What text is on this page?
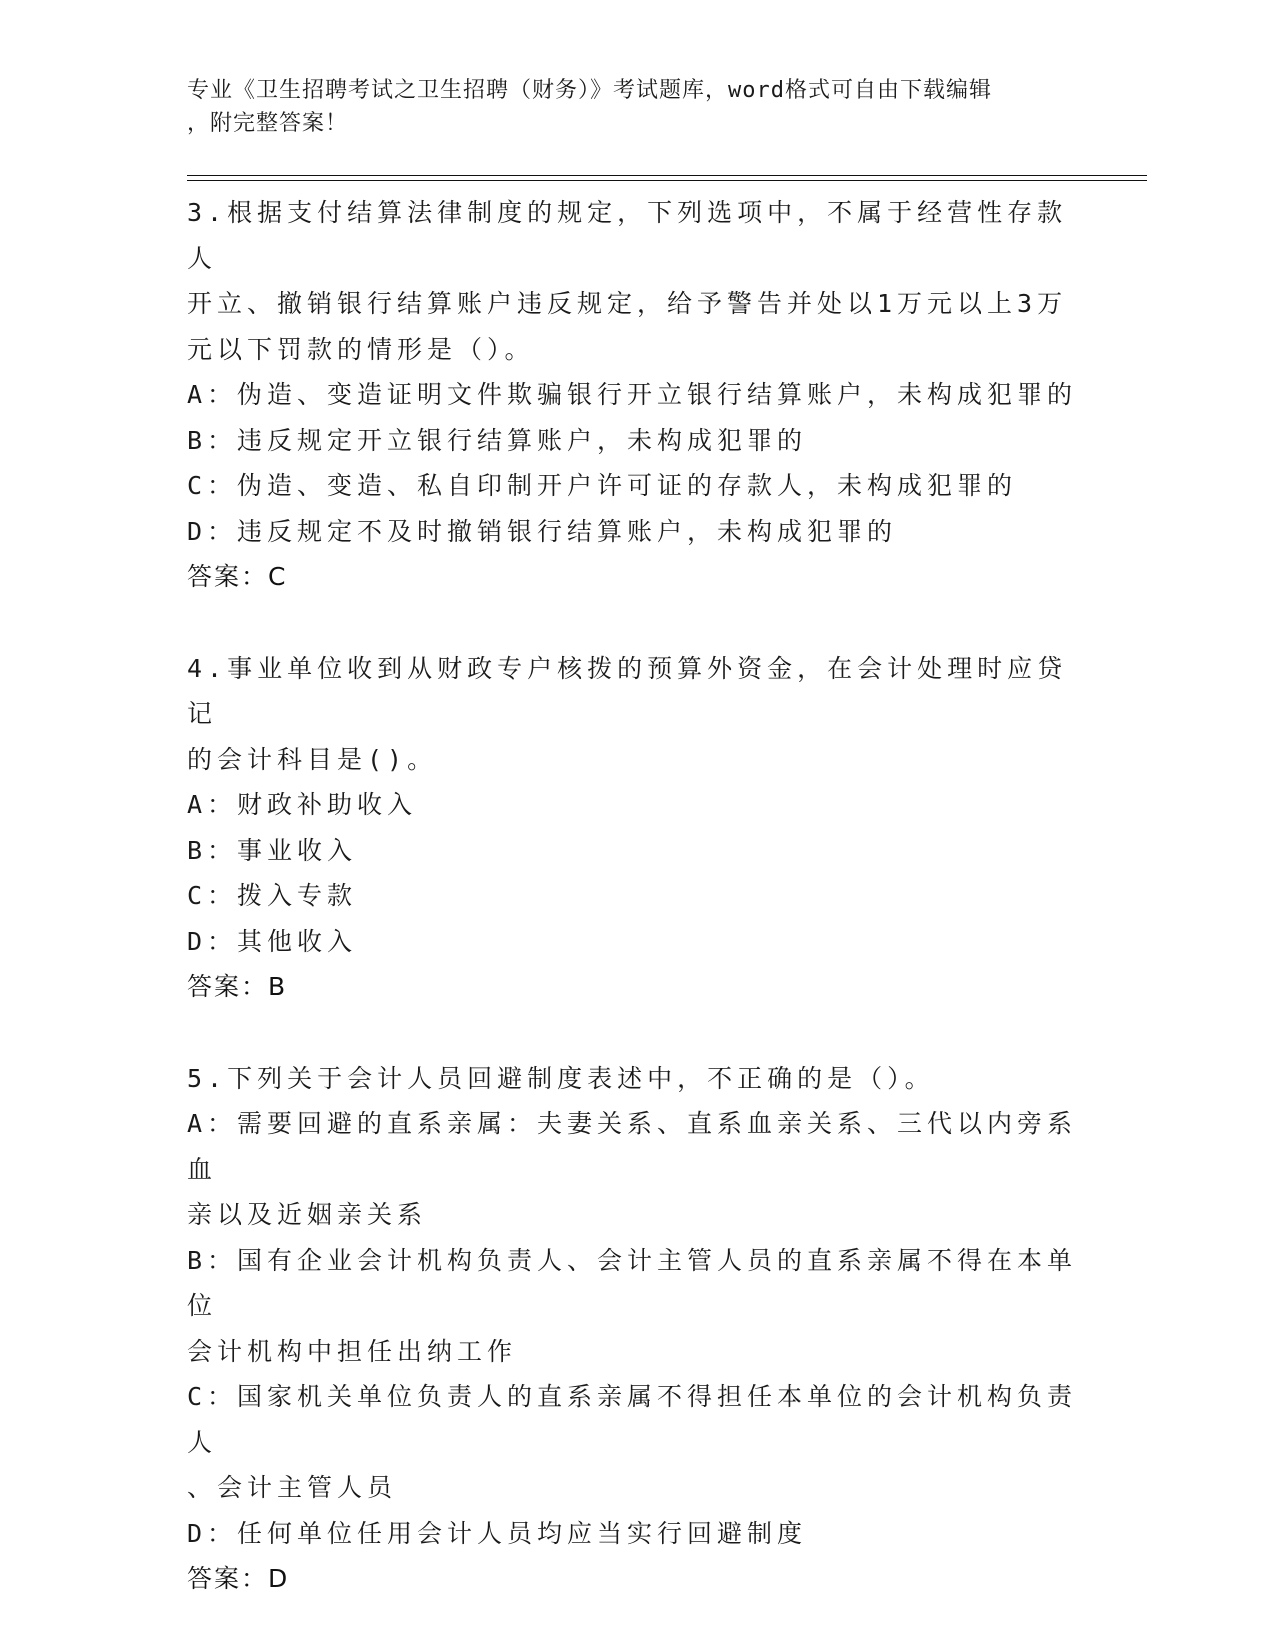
专业《卫生招聘考试之卫生招聘（财务）》考试题库，word格式可自由下载编辑
，附完整答案！

3.根据支付结算法律制度的规定，下列选项中，不属于经营性存款人

开立、撤销银行结算账户违反规定，给予警告并处以1万元以上3万

元以下罚款的情形是（）。

A：伪造、变造证明文件欺骗银行开立银行结算账户，未构成犯罪的

B：违反规定开立银行结算账户，未构成犯罪的

C：伪造、变造、私自印制开户许可证的存款人，未构成犯罪的

D：违反规定不及时撤销银行结算账户，未构成犯罪的

答案：C

4.事业单位收到从财政专户核拨的预算外资金，在会计处理时应贷记

的会计科目是()。

A：财政补助收入

B：事业收入

C：拨入专款

D：其他收入

答案：B

5.下列关于会计人员回避制度表述中，不正确的是（）。

A：需要回避的直系亲属：夫妻关系、直系血亲关系、三代以内旁系血

亲以及近姻亲关系

B：国有企业会计机构负责人、会计主管人员的直系亲属不得在本单位

会计机构中担任出纳工作

C：国家机关单位负责人的直系亲属不得担任本单位的会计机构负责人

、会计主管人员

D：任何单位任用会计人员均应当实行回避制度

答案：D
